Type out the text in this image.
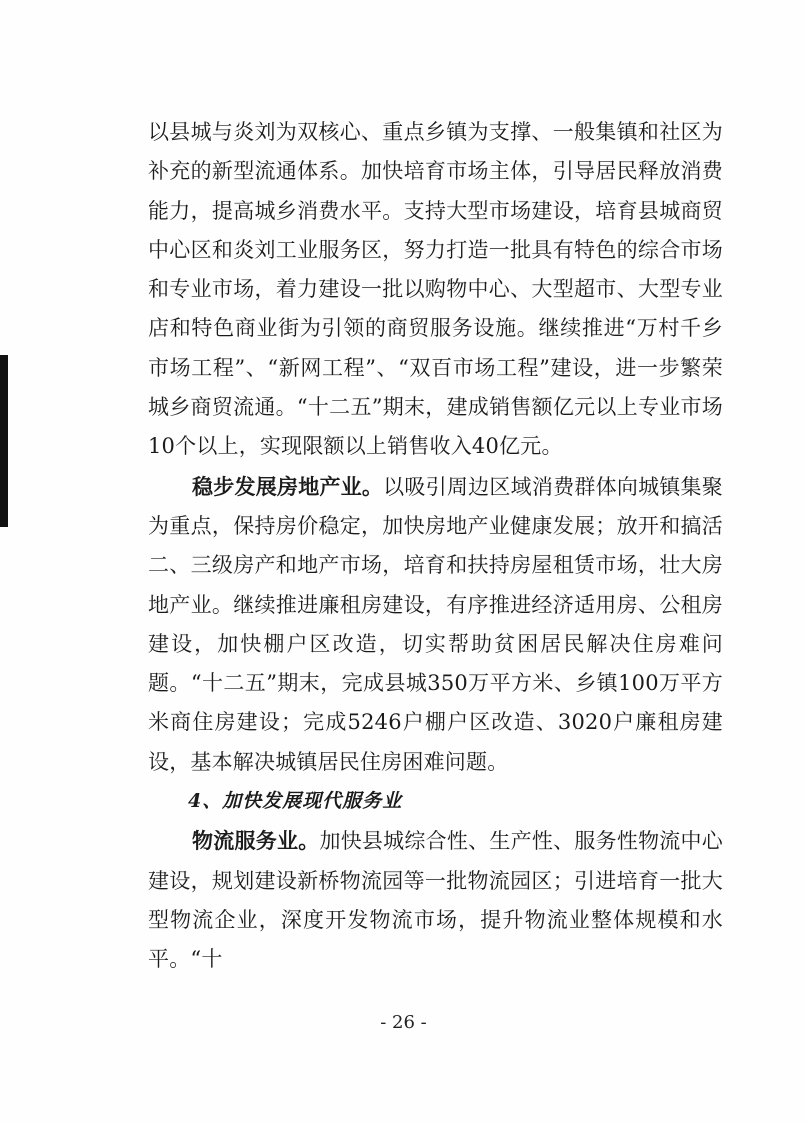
以县城与炎刘为双核心、重点乡镇为支撑、一般集镇和社区为补充的新型流通体系。加快培育市场主体，引导居民释放消费能力，提高城乡消费水平。支持大型市场建设，培育县城商贸中心区和炎刘工业服务区，努力打造一批具有特色的综合市场和专业市场，着力建设一批以购物中心、大型超市、大型专业店和特色商业街为引领的商贸服务设施。继续推进“万村千乡市场工程”、“新网工程”、“双百市场工程”建设，进一步繁荣城乡商贸流通。“十二五”期末，建成销售额亿元以上专业市场10个以上，实现限额以上销售收入40亿元。

稳步发展房地产业。以吸引周边区域消费群体向城镇集聚为重点，保持房价稳定，加快房地产业健康发展；放开和搞活二、三级房产和地产市场，培育和扶持房屋租赁市场，壮大房地产业。继续推进廉租房建设，有序推进经济适用房、公租房建设，加快棚户区改造，切实帮助贫困居民解决住房难问题。“十二五”期末，完成县城350万平方米、乡镇100万平方米商住房建设；完成5246户棚户区改造、3020户廉租房建设，基本解决城镇居民住房困难问题。

4、加快发展现代服务业

物流服务业。加快县城综合性、生产性、服务性物流中心建设，规划建设新桥物流园等一批物流园区；引进培育一批大型物流企业，深度开发物流市场，提升物流业整体规模和水平。“十

- 26 -
